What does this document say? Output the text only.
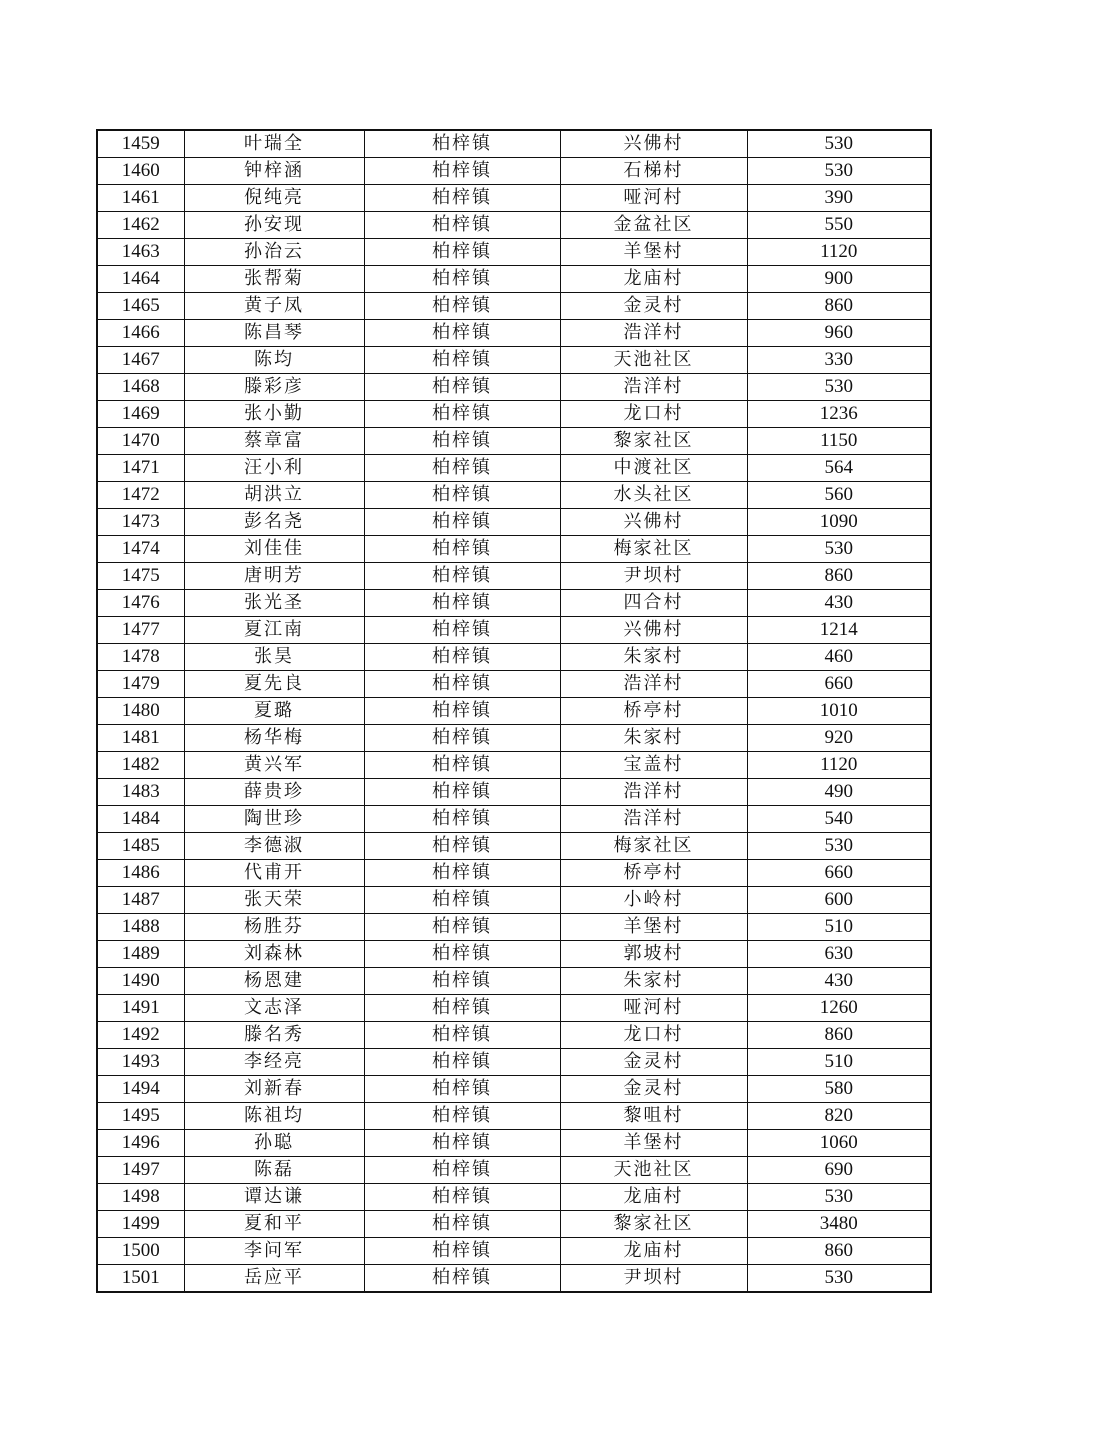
1459	叶瑞全	柏梓镇	兴佛村	530
1460	钟梓涵	柏梓镇	石梯村	530
1461	倪纯亮	柏梓镇	哑河村	390
1462	孙安现	柏梓镇	金盆社区	550
1463	孙治云	柏梓镇	羊堡村	1120
1464	张帮菊	柏梓镇	龙庙村	900
1465	黄子凤	柏梓镇	金灵村	860
1466	陈昌琴	柏梓镇	浩洋村	960
1467	陈均	柏梓镇	天池社区	330
1468	滕彩彦	柏梓镇	浩洋村	530
1469	张小勤	柏梓镇	龙口村	1236
1470	蔡章富	柏梓镇	黎家社区	1150
1471	汪小利	柏梓镇	中渡社区	564
1472	胡洪立	柏梓镇	水头社区	560
1473	彭名尧	柏梓镇	兴佛村	1090
1474	刘佳佳	柏梓镇	梅家社区	530
1475	唐明芳	柏梓镇	尹坝村	860
1476	张光圣	柏梓镇	四合村	430
1477	夏江南	柏梓镇	兴佛村	1214
1478	张昊	柏梓镇	朱家村	460
1479	夏先良	柏梓镇	浩洋村	660
1480	夏璐	柏梓镇	桥亭村	1010
1481	杨华梅	柏梓镇	朱家村	920
1482	黄兴军	柏梓镇	宝盖村	1120
1483	薛贵珍	柏梓镇	浩洋村	490
1484	陶世珍	柏梓镇	浩洋村	540
1485	李德淑	柏梓镇	梅家社区	530
1486	代甫开	柏梓镇	桥亭村	660
1487	张天荣	柏梓镇	小岭村	600
1488	杨胜芬	柏梓镇	羊堡村	510
1489	刘森林	柏梓镇	郭坡村	630
1490	杨恩建	柏梓镇	朱家村	430
1491	文志泽	柏梓镇	哑河村	1260
1492	滕名秀	柏梓镇	龙口村	860
1493	李经亮	柏梓镇	金灵村	510
1494	刘新春	柏梓镇	金灵村	580
1495	陈祖均	柏梓镇	黎咀村	820
1496	孙聪	柏梓镇	羊堡村	1060
1497	陈磊	柏梓镇	天池社区	690
1498	谭达谦	柏梓镇	龙庙村	530
1499	夏和平	柏梓镇	黎家社区	3480
1500	李问军	柏梓镇	龙庙村	860
1501	岳应平	柏梓镇	尹坝村	530
